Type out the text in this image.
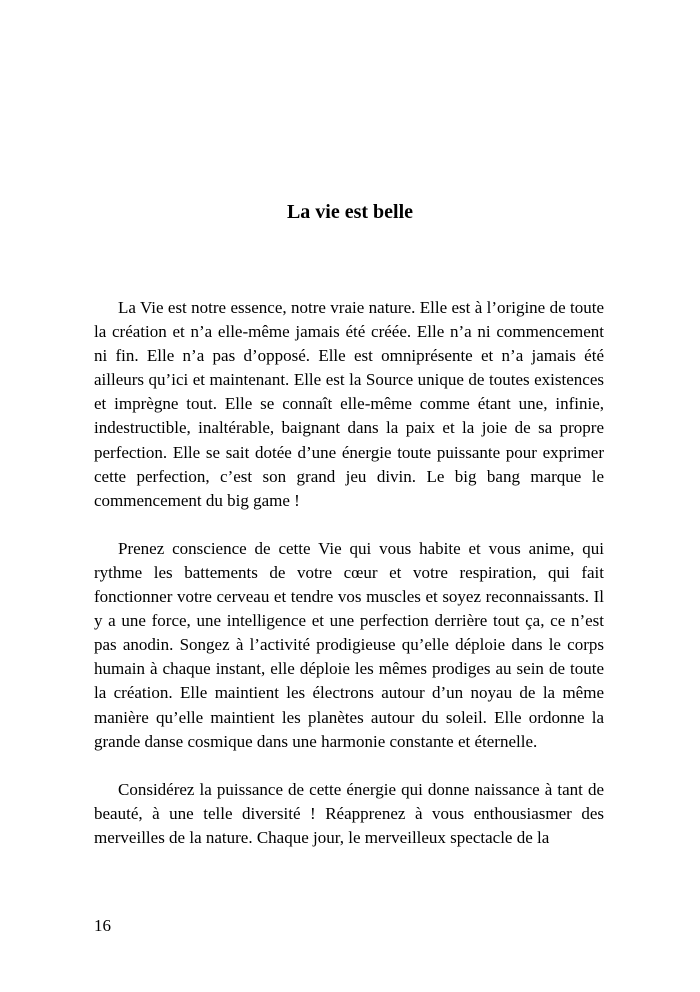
La vie est belle

La Vie est notre essence, notre vraie nature. Elle est à l’origine de toute la création et n’a elle-même jamais été créée. Elle n’a ni commencement ni fin. Elle n’a pas d’opposé. Elle est omniprésente et n’a jamais été ailleurs qu’ici et maintenant. Elle est la Source unique de toutes existences et imprègne tout. Elle se connaît elle-même comme étant une, infinie, indestructible, inaltérable, baignant dans la paix et la joie de sa propre perfection. Elle se sait dotée d’une énergie toute puissante pour exprimer cette perfection, c’est son grand jeu divin. Le big bang marque le commencement du big game !

Prenez conscience de cette Vie qui vous habite et vous anime, qui rythme les battements de votre cœur et votre respiration, qui fait fonctionner votre cerveau et tendre vos muscles et soyez reconnaissants. Il y a une force, une intelligence et une perfection derrière tout ça, ce n’est pas anodin. Songez à l’activité prodigieuse qu’elle déploie dans le corps humain à chaque instant, elle déploie les mêmes prodiges au sein de toute la création. Elle maintient les électrons autour d’un noyau de la même manière qu’elle maintient les planètes autour du soleil. Elle ordonne la grande danse cosmique dans une harmonie constante et éternelle.

Considérez la puissance de cette énergie qui donne naissance à tant de beauté, à une telle diversité ! Réapprenez à vous enthousiasmer des merveilles de la nature. Chaque jour, le merveilleux spectacle de la

16
